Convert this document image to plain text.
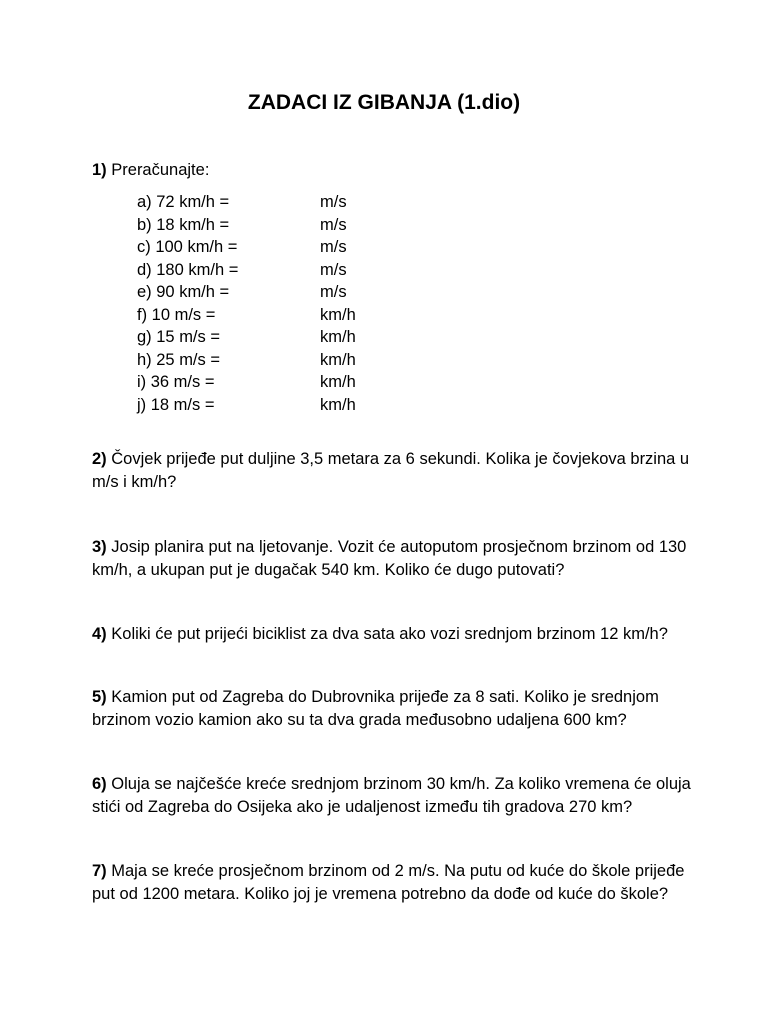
ZADACI IZ GIBANJA (1.dio)
1) Preračunajte:
a) 72 km/h =	m/s
b) 18 km/h =	m/s
c) 100 km/h =	m/s
d) 180 km/h =	m/s
e) 90 km/h =	m/s
f) 10 m/s =	km/h
g) 15 m/s =	km/h
h) 25 m/s =	km/h
i) 36 m/s =	km/h
j) 18 m/s =	km/h
2) Čovjek prijeđe put duljine 3,5 metara za 6 sekundi. Kolika je čovjekova brzina u m/s i km/h?
3) Josip planira put na ljetovanje. Vozit će autoputom prosječnom brzinom od 130 km/h, a ukupan put je dugačak 540 km. Koliko će dugo putovati?
4) Koliki će put prijeći biciklist za dva sata ako vozi srednjom brzinom 12 km/h?
5) Kamion put od Zagreba do Dubrovnika prijeđe za 8 sati. Koliko je srednjom brzinom vozio kamion ako su ta dva grada međusobno udaljena 600 km?
6) Oluja se najčešće kreće srednjom brzinom 30 km/h. Za koliko vremena će oluja stići od Zagreba do Osijeka ako je udaljenost između tih gradova 270 km?
7) Maja se kreće prosječnom brzinom od 2 m/s. Na putu od kuće do škole prijeđe put od 1200 metara. Koliko joj je vremena potrebno da dođe od kuće do škole?
